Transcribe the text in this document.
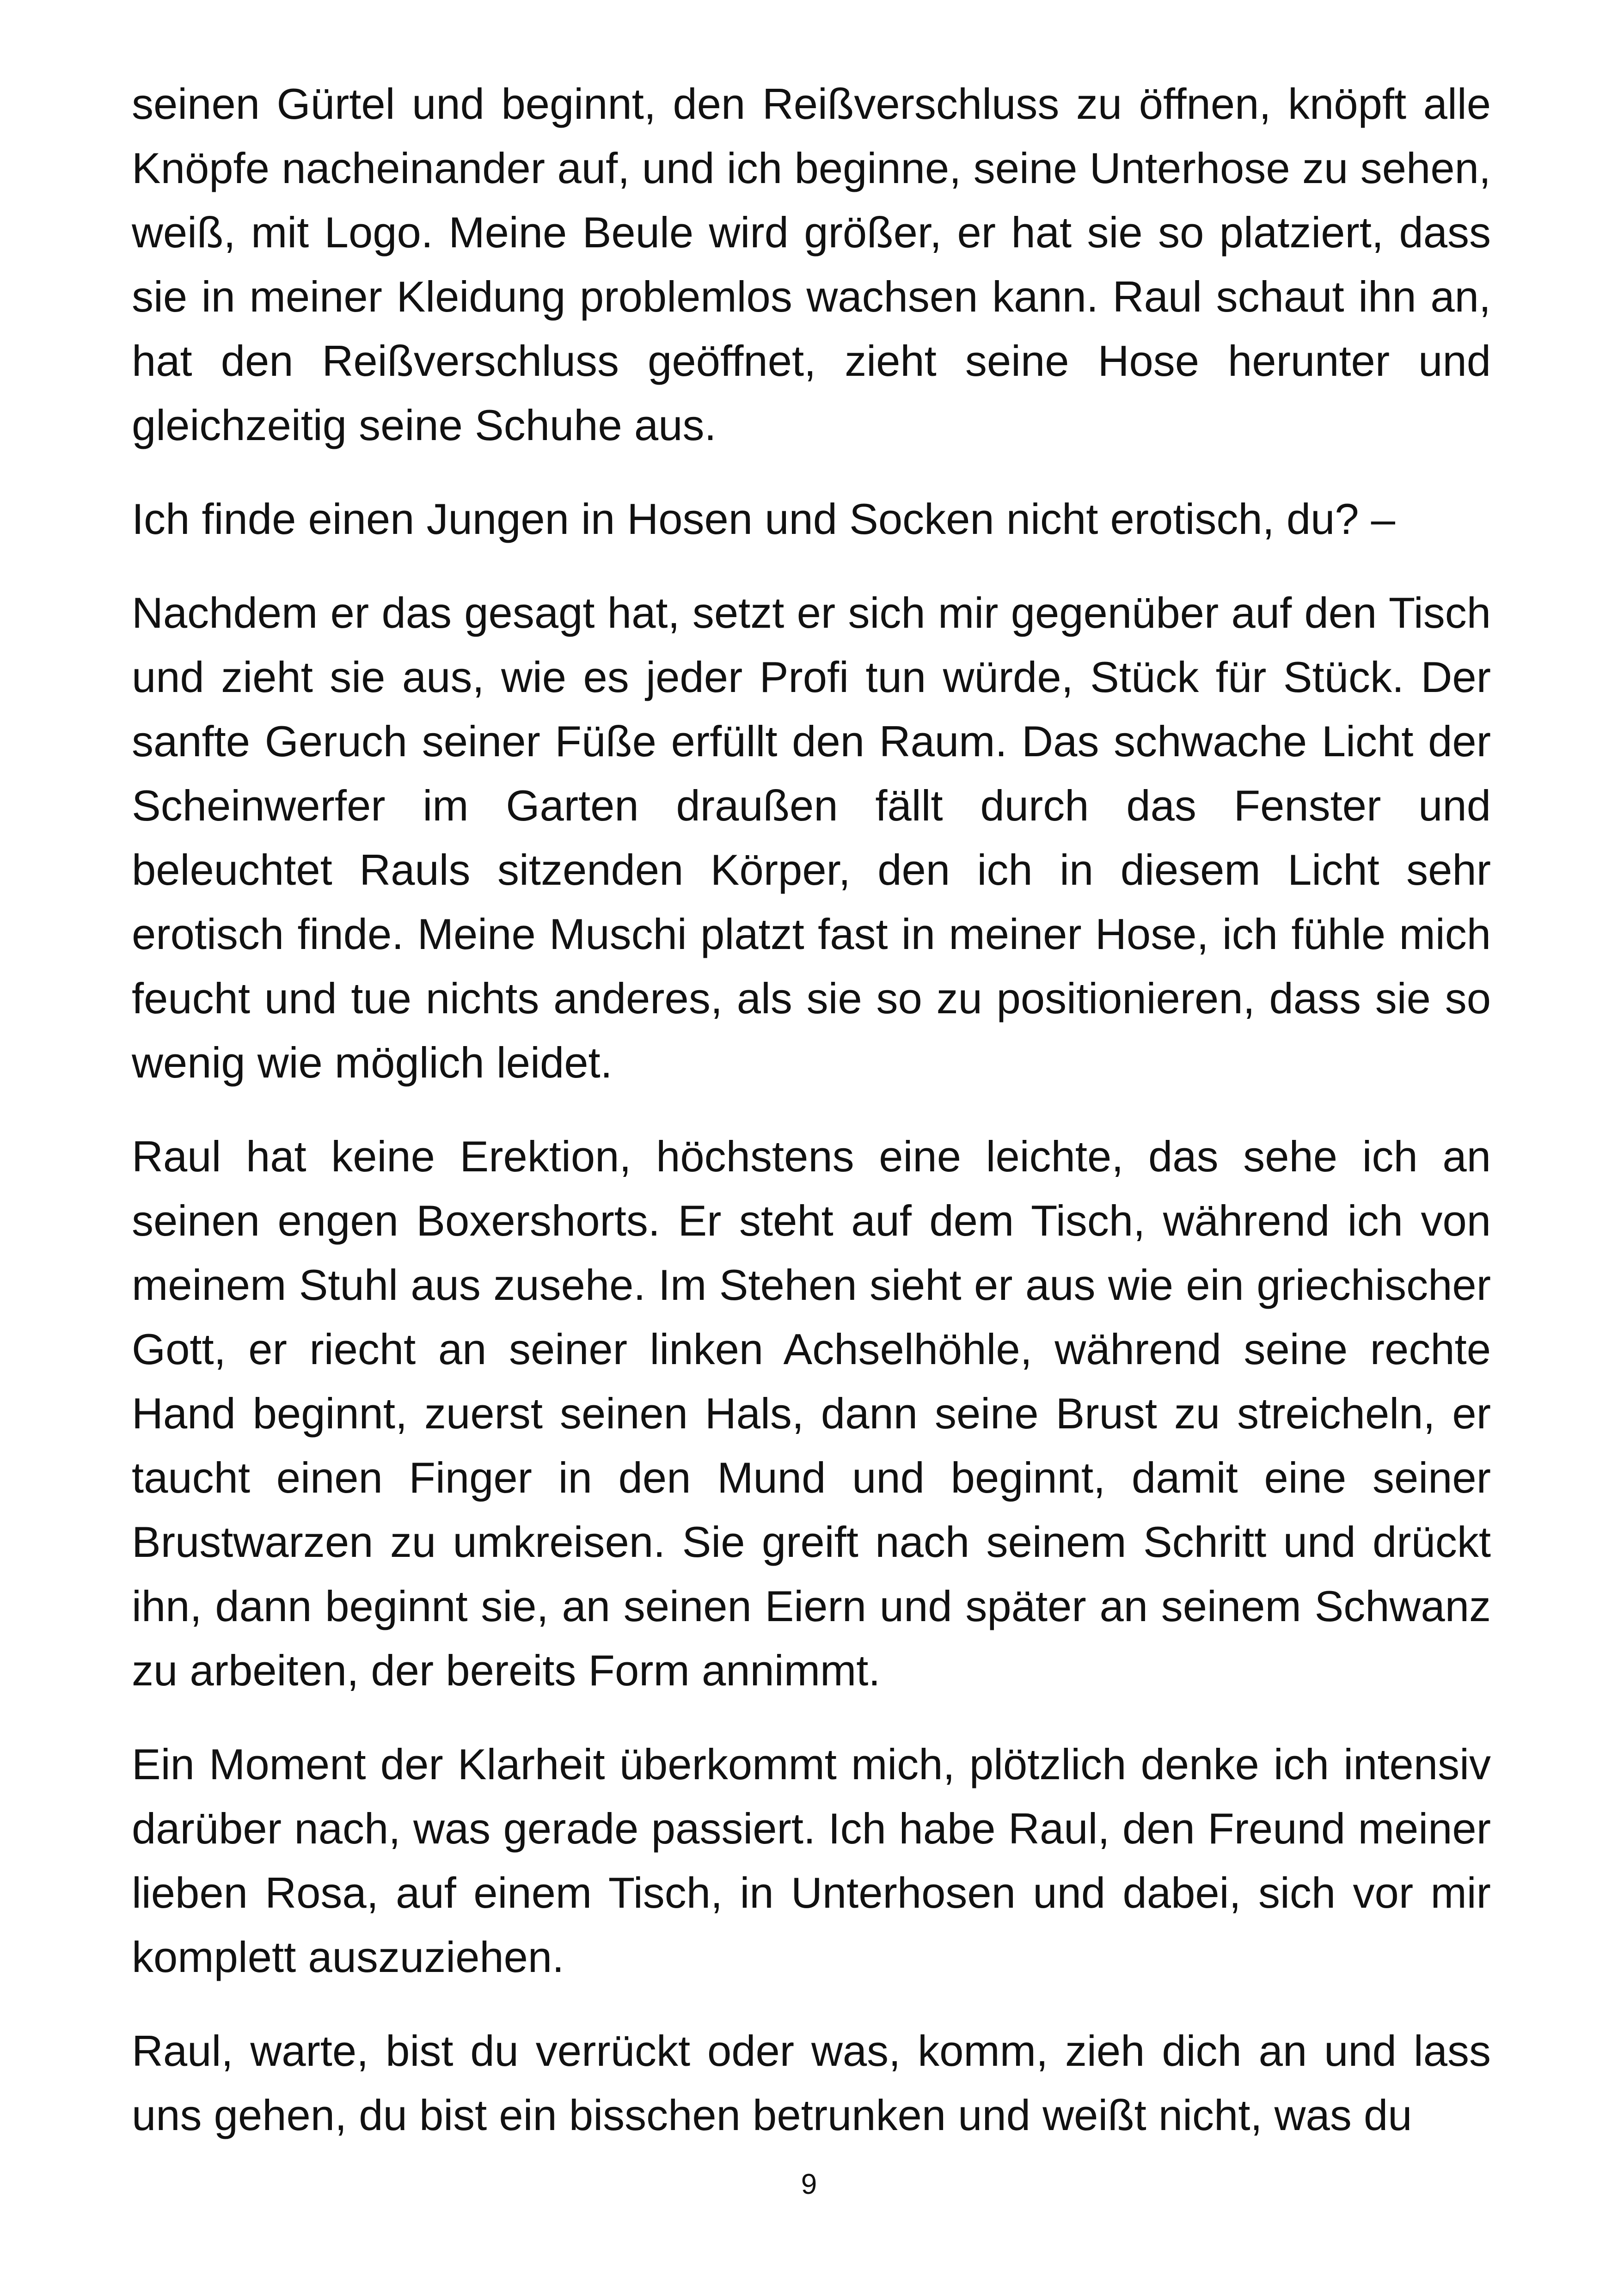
seinen Gürtel und beginnt, den Reißverschluss zu öffnen, knöpft alle Knöpfe nacheinander auf, und ich beginne, seine Unterhose zu sehen, weiß, mit Logo. Meine Beule wird größer, er hat sie so platziert, dass sie in meiner Kleidung problemlos wachsen kann. Raul schaut ihn an, hat den Reißverschluss geöffnet, zieht seine Hose herunter und gleichzeitig seine Schuhe aus.

Ich finde einen Jungen in Hosen und Socken nicht erotisch, du? –

Nachdem er das gesagt hat, setzt er sich mir gegenüber auf den Tisch und zieht sie aus, wie es jeder Profi tun würde, Stück für Stück. Der sanfte Geruch seiner Füße erfüllt den Raum. Das schwache Licht der Scheinwerfer im Garten draußen fällt durch das Fenster und beleuchtet Rauls sitzenden Körper, den ich in diesem Licht sehr erotisch finde. Meine Muschi platzt fast in meiner Hose, ich fühle mich feucht und tue nichts anderes, als sie so zu positionieren, dass sie so wenig wie möglich leidet.

Raul hat keine Erektion, höchstens eine leichte, das sehe ich an seinen engen Boxershorts. Er steht auf dem Tisch, während ich von meinem Stuhl aus zusehe. Im Stehen sieht er aus wie ein griechischer Gott, er riecht an seiner linken Achselhöhle, während seine rechte Hand beginnt, zuerst seinen Hals, dann seine Brust zu streicheln, er taucht einen Finger in den Mund und beginnt, damit eine seiner Brustwarzen zu umkreisen. Sie greift nach seinem Schritt und drückt ihn, dann beginnt sie, an seinen Eiern und später an seinem Schwanz zu arbeiten, der bereits Form annimmt.

Ein Moment der Klarheit überkommt mich, plötzlich denke ich intensiv darüber nach, was gerade passiert. Ich habe Raul, den Freund meiner lieben Rosa, auf einem Tisch, in Unterhosen und dabei, sich vor mir komplett auszuziehen.

Raul, warte, bist du verrückt oder was, komm, zieh dich an und lass uns gehen, du bist ein bisschen betrunken und weißt nicht, was du

9
